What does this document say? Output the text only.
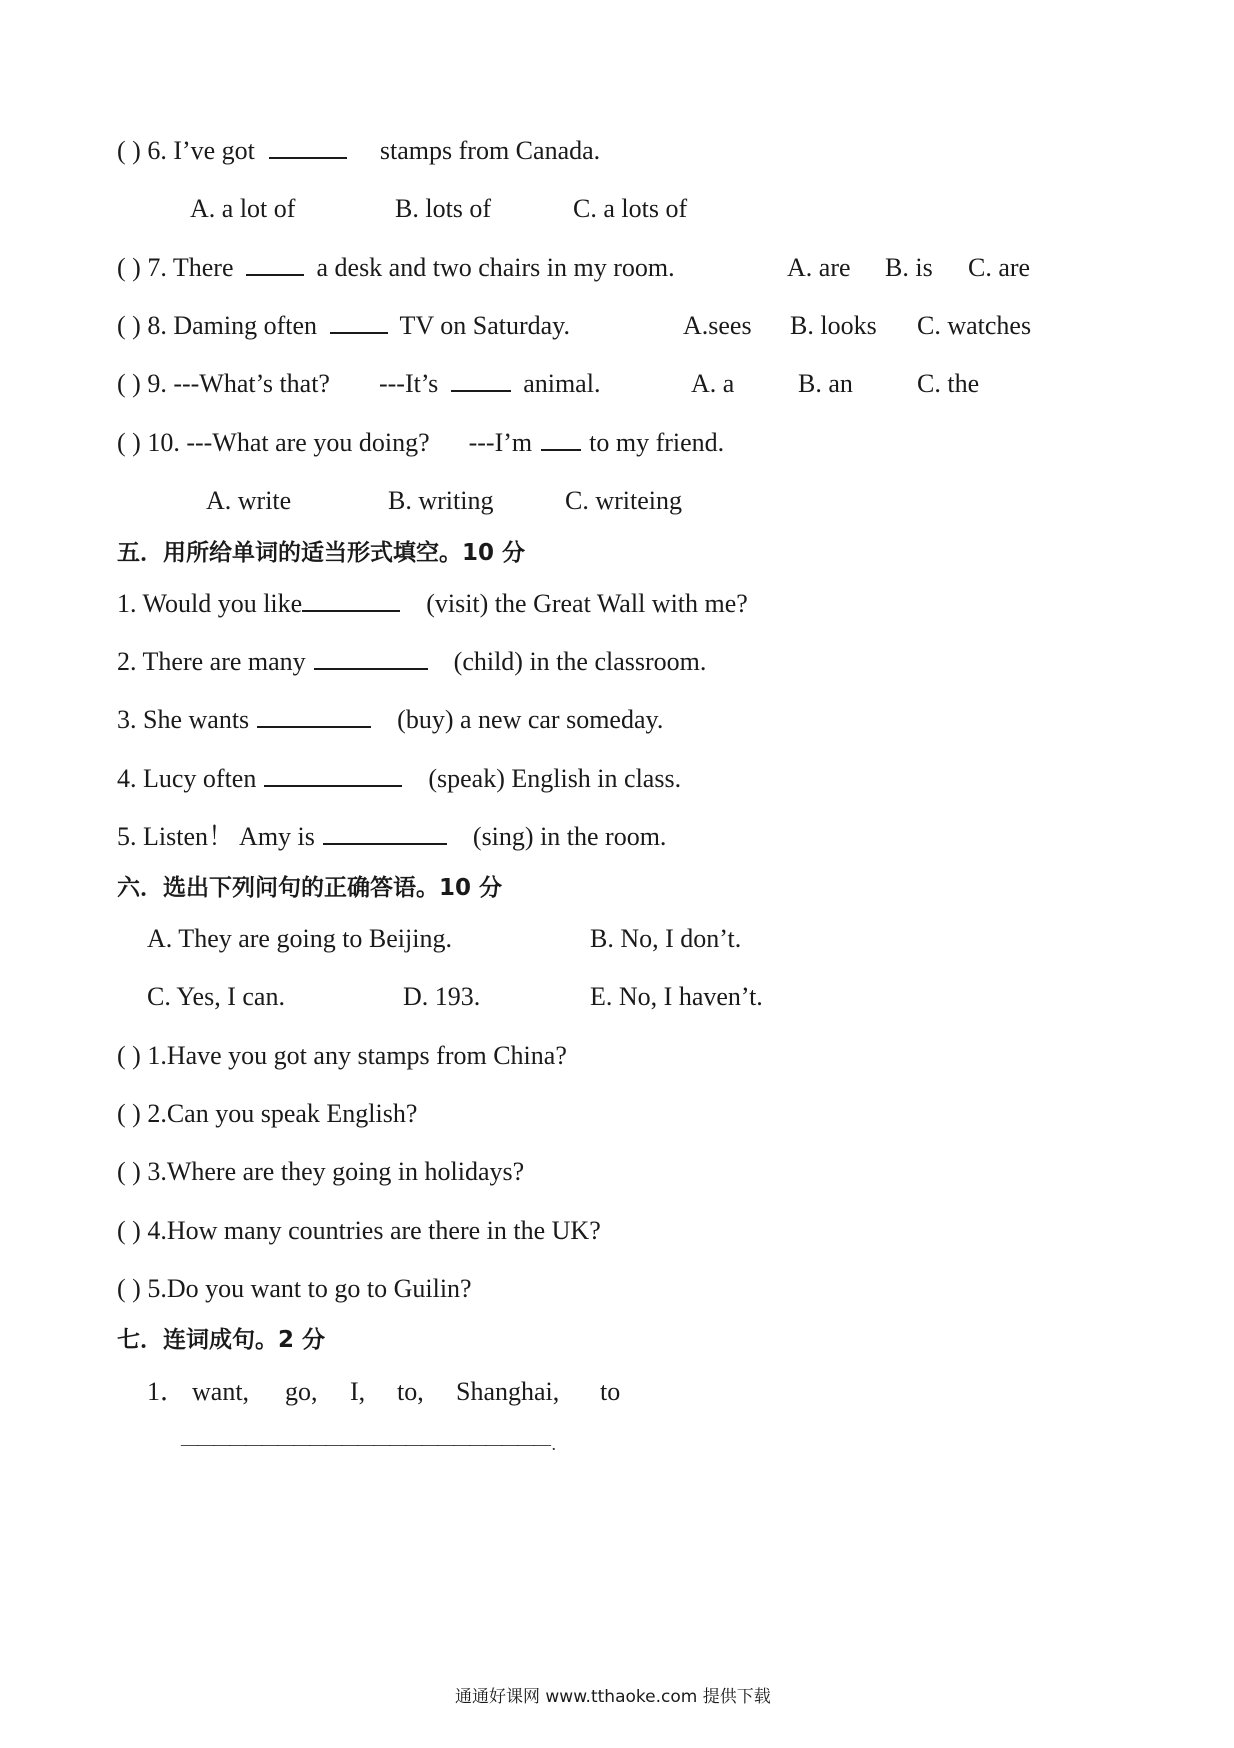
( ) 6. I’ve got	stamps from Canada.
A. a lot of	B. lots of	C. a lots of
( ) 7. There	a desk and two chairs in my room.	A. are B. is C. are
( ) 8. Daming often	TV on Saturday.	A.sees B. looks C. watches
( ) 9. ---What’s that? ---It’s	animal.	A. a B. an C. the
( ) 10. ---What are you doing? ---I’m to my friend.
A. write	B. writing	C. writeing
五．用所给单词的适当形式填空。10 分
1. Would you like	(visit) the Great Wall with me?
2. There are many	(child) in the classroom.
3. She wants	(buy) a new car someday.
4. Lucy often	(speak) English in class.
5. Listen！ Amy is	(sing) in the room.
六．选出下列问句的正确答语。10 分
A. They are going to Beijing.	B. No, I don’t.
C. Yes, I can.	D. 193.	E. No, I haven’t.
( ) 1.Have you got any stamps from China?
( ) 2.Can you speak English?
( ) 3.Where are they going in holidays?
( ) 4.How many countries are there in the UK?
( ) 5.Do you want to go to Guilin?
七．连词成句。2 分
1． want, go, I, to, Shanghai, to
——————————————————————— .
通通好课网 www.tthaoke.com 提供下载
